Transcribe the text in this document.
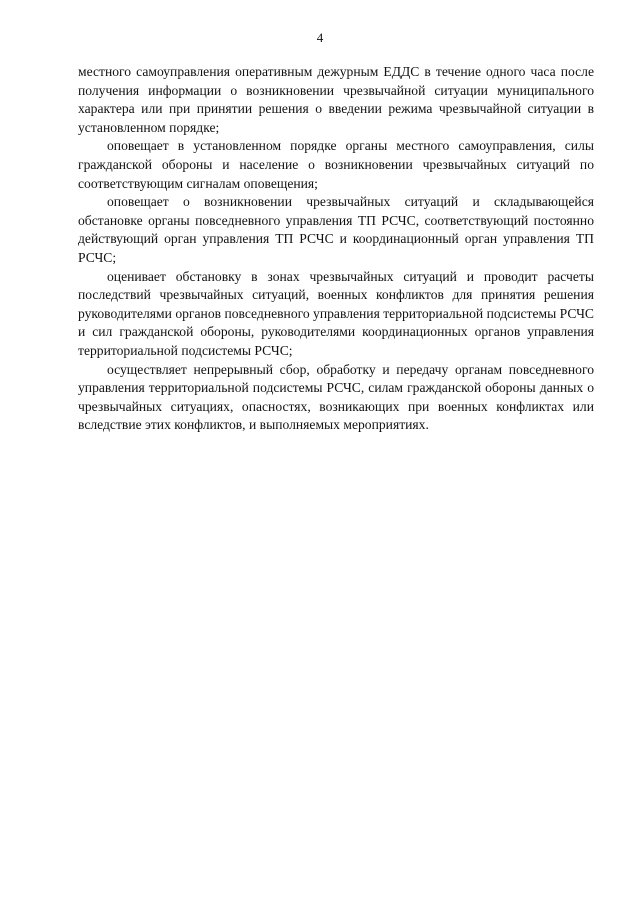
4

местного самоуправления оперативным дежурным ЕДДС в течение одного часа после получения информации о возникновении чрезвычайной ситуации муниципального характера или при принятии решения о введении режима чрезвычайной ситуации в установленном порядке;

оповещает в установленном порядке органы местного самоуправления, силы гражданской обороны и население о возникновении чрезвычайных ситуаций по соответствующим сигналам оповещения;

оповещает о возникновении чрезвычайных ситуаций и складывающейся обстановке органы повседневного управления ТП РСЧС, соответствующий постоянно действующий орган управления ТП РСЧС и координационный орган управления ТП РСЧС;

оценивает обстановку в зонах чрезвычайных ситуаций и проводит расчеты последствий чрезвычайных ситуаций, военных конфликтов для принятия решения руководителями органов повседневного управления территориальной подсистемы РСЧС и сил гражданской обороны, руководителями координационных органов управления территориальной подсистемы РСЧС;

осуществляет непрерывный сбор, обработку и передачу органам повседневного управления территориальной подсистемы РСЧС, силам гражданской обороны данных о чрезвычайных ситуациях, опасностях, возникающих при военных конфликтах или вследствие этих конфликтов, и выполняемых мероприятиях.
